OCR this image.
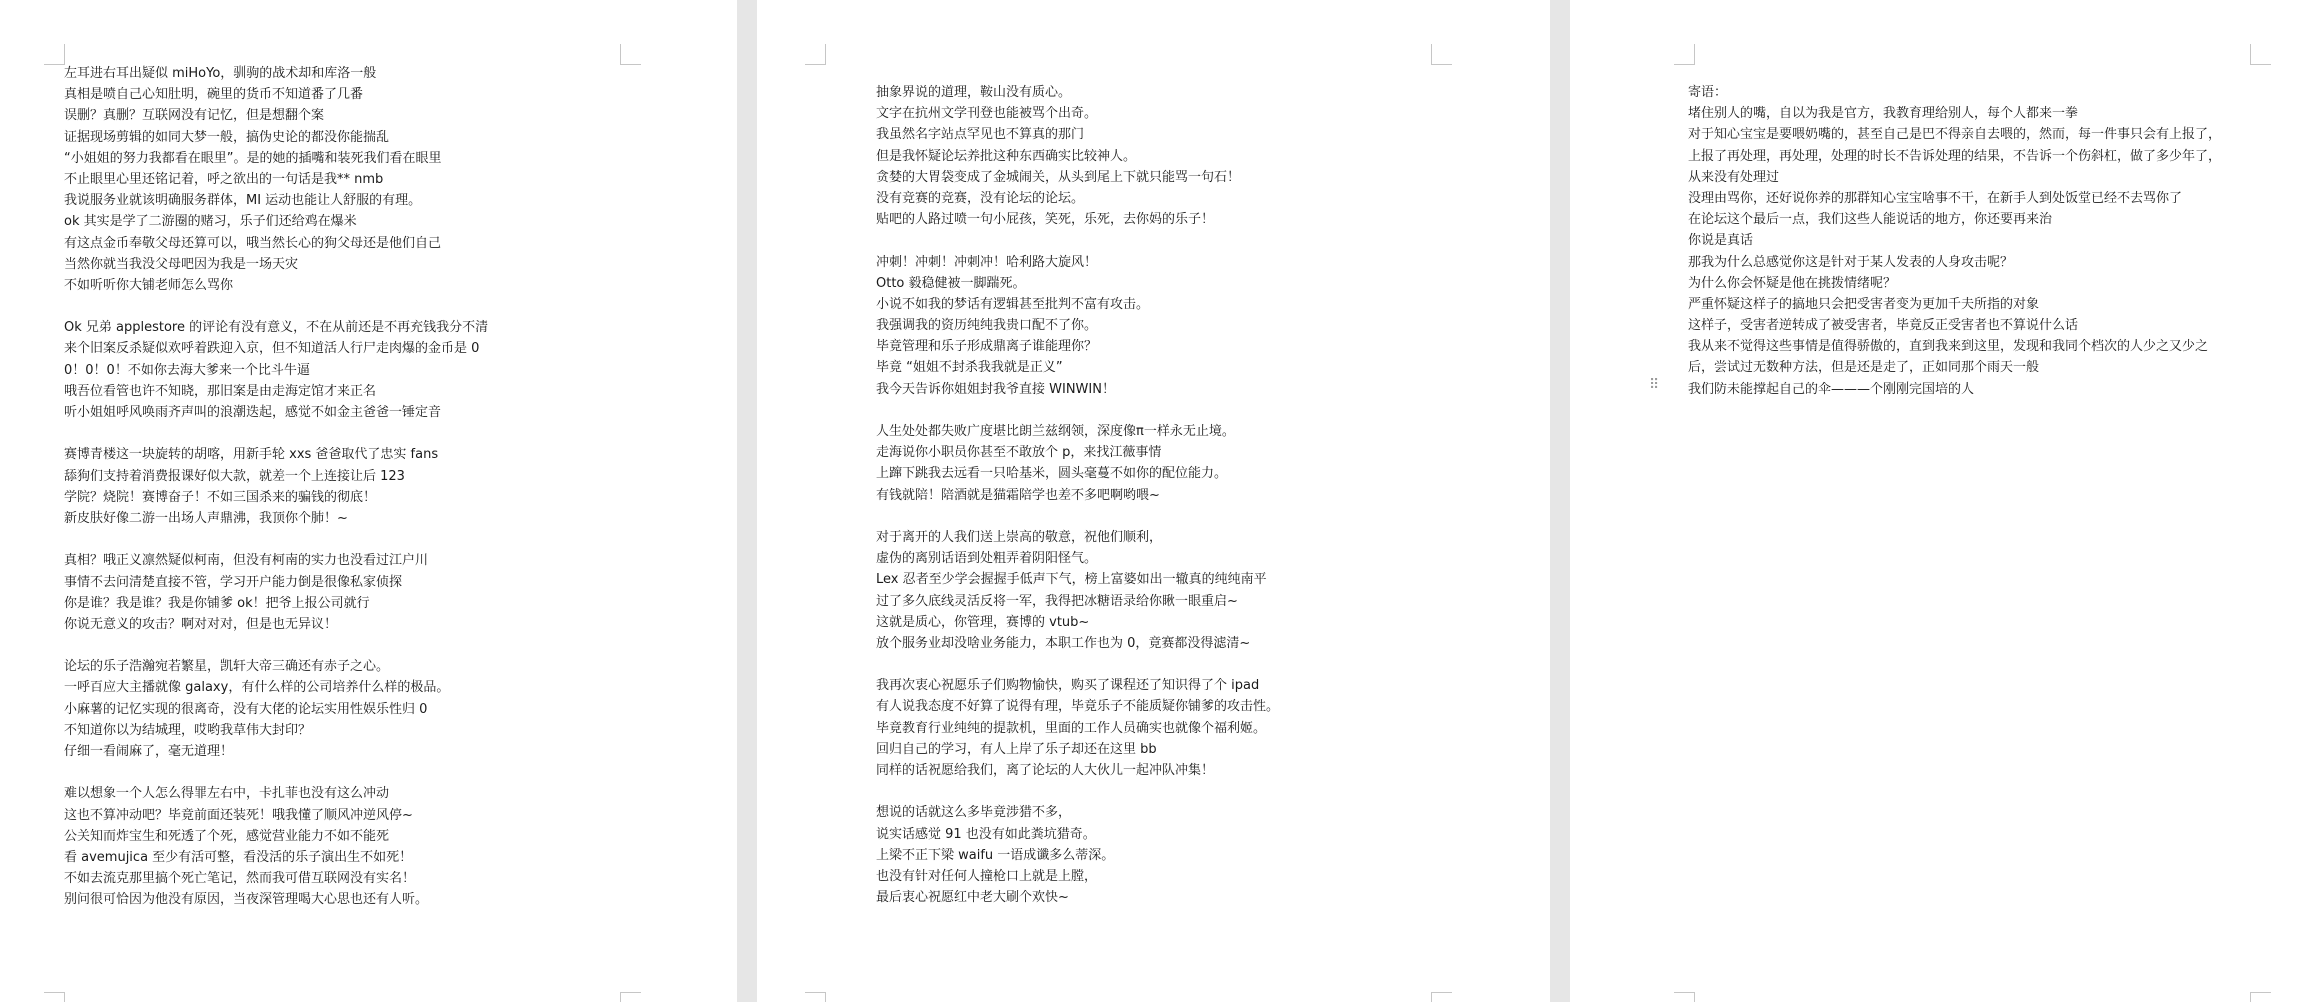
左耳进右耳出疑似 miHoYo，驯驹的战术却和库洛一般
真相是喷自己心知肚明，碗里的货币不知道番了几番
误删？真删？互联网没有记忆，但是想翻个案
证据现场剪辑的如同大梦一般，搞伪史论的都没你能揣乱
“小姐姐的努力我都看在眼里”。是的她的插嘴和装死我们看在眼里
不止眼里心里还铭记着，呼之欲出的一句话是我** nmb
我说服务业就该明确服务群体，MI 运动也能让人舒服的有理。
ok 其实是学了二游圈的赌习，乐子们还给鸡在爆米
有这点金币奉敬父母还算可以，哦当然长心的狗父母还是他们自己
当然你就当我没父母吧因为我是一场天灾
不如听听你大铺老师怎么骂你
Ok 兄弟 applestore 的评论有没有意义，不在从前还是不再充钱我分不清
来个旧案反杀疑似欢呼着跌迎入京，但不知道活人行尸走肉爆的金币是 0
0！0！0！不如你去海大爹来一个比斗牛逼
哦吾位看管也许不知晓，那旧案是由走海定馆才来正名
听小姐姐呼风唤雨齐声叫的浪潮迭起，感觉不如金主爸爸一锤定音
赛博青楼这一块旋转的胡喀，用新手轮 xxs 爸爸取代了忠实 fans
舔狗们支持着消费报课好似大款，就差一个上连接让后 123
学院？烧院！赛博奋子！不如三国杀来的骗钱的彻底！
新皮肤好像二游一出场人声鼎沸，我顶你个肺！~
真相？哦正义凛然疑似柯南，但没有柯南的实力也没看过江户川
事情不去问清楚直接不管，学习开户能力倒是很像私家侦探
你是谁？我是谁？我是你铺爹 ok！把爷上报公司就行
你说无意义的攻击？啊对对对，但是也无异议！
论坛的乐子浩瀚宛若繁星，凯轩大帝三确还有赤子之心。
一呼百应大主播就像 galaxy，有什么样的公司培养什么样的极品。
小麻薯的记忆实现的很离奇，没有大佬的论坛实用性娱乐性归 0
不知道你以为结城理，哎哟我草伟大封印？
仔细一看闹麻了，毫无道理！
难以想象一个人怎么得罪左右中，卡扎菲也没有这么冲动
这也不算冲动吧？毕竟前面还装死！哦我懂了顺风冲逆风停~
公关知而炸宝生和死透了个死，感觉营业能力不如不能死
看 avemujica 至少有活可整，看没活的乐子演出生不如死！
不如去流克那里搞个死亡笔记，然而我可借互联网没有实名！
别问很可恰因为他没有原因，当夜深管理喝大心思也还有人听。
抽象界说的道理，鞍山没有质心。
文字在抗州文学刊登也能被骂个出奇。
我虽然名字站点罕见也不算真的那门
但是我怀疑论坛养批这种东西确实比较神人。
贪婪的大胃袋变成了金城闹关，从头到尾上下就只能骂一句石！
没有竞赛的竞赛，没有论坛的论坛。
贴吧的人路过喷一句小屁孩，笑死，乐死，去你妈的乐子！
冲刺！冲刺！冲刺冲！哈利路大旋风！
Otto 毅稳健被一脚踹死。
小说不如我的梦话有逻辑甚至批判不富有攻击。
我强调我的资历纯纯我贵口配不了你。
毕竟管理和乐子形成鼎离子谁能理你？
毕竟 “姐姐不封杀我我就是正义”
我今天告诉你姐姐封我爷直接 WINWIN！
人生处处都失败广度堪比朗兰兹纲领，深度像π一样永无止境。
走海说你小职员你甚至不敢放个 p，来找江薇事情
上蹿下跳我去远看一只哈基米，圆头毫蔓不如你的配位能力。
有钱就陪！陪酒就是猫霜陪学也差不多吧啊哟喂~
对于离开的人我们送上崇高的敬意，祝他们顺利，
虚伪的离别话语到处粗弄着阴阳怪气。
Lex 忍者至少学会握握手低声下气，榜上富婆如出一辙真的纯纯南平
过了多久底线灵活反将一军，我得把冰糖语录给你瞅一眼重启~
这就是质心，你管理，赛博的 vtub~
放个服务业却没啥业务能力，本职工作也为 0，竟赛都没得滤清~
我再次衷心祝愿乐子们购物愉快，购买了课程还了知识得了个 ipad
有人说我态度不好算了说得有理，毕竟乐子不能质疑你铺爹的攻击性。
毕竟教育行业纯纯的提款机，里面的工作人员确实也就像个福利姬。
回归自己的学习，有人上岸了乐子却还在这里 bb
同样的话祝愿给我们，离了论坛的人大伙儿一起冲队冲集！
想说的话就这么多毕竟涉猎不多，
说实话感觉 91 也没有如此粪坑猎奇。
上梁不正下梁 waifu 一语成谶多么蒂深。
也没有针对任何人撞枪口上就是上膛，
最后衷心祝愿红中老大刷个欢快~
⠿
寄语：
堵住别人的嘴，自以为我是官方，我教育理给别人，每个人都来一拳
对于知心宝宝是要喂奶嘴的，甚至自己是巴不得亲自去喂的，然而，每一件事只会有上报了，
上报了再处理，再处理，处理的时长不告诉处理的结果，不告诉一个伤斜杠，做了多少年了，
从来没有处理过
没理由骂你，还好说你养的那群知心宝宝啥事不干，在新手人到处饭堂已经不去骂你了
在论坛这个最后一点，我们这些人能说话的地方，你还要再来治
你说是真话
那我为什么总感觉你这是针对于某人发表的人身攻击呢？
为什么你会怀疑是他在挑拨情绪呢？
严重怀疑这样子的搞地只会把受害者变为更加千夫所指的对象
这样子，受害者逆转成了被受害者，毕竟反正受害者也不算说什么话
我从来不觉得这些事情是值得骄傲的，直到我来到这里，发现和我同个档次的人少之又少之
后，尝试过无数种方法，但是还是走了，正如同那个雨天一般
我们防未能撑起自己的伞———个刚刚完国培的人
